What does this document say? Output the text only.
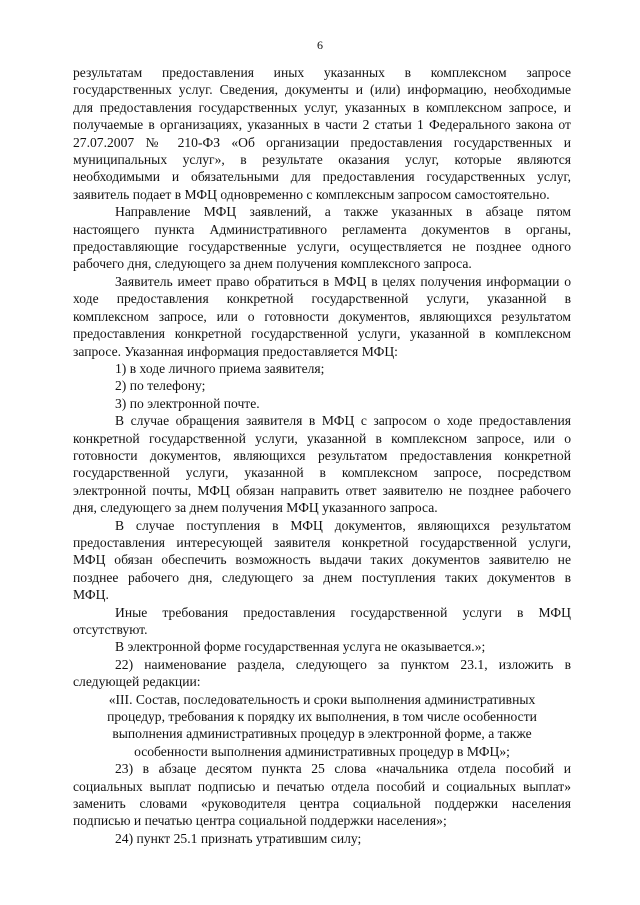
6
результатам предоставления иных указанных в комплексном запросе
государственных услуг. Сведения, документы и (или) информацию, необходимые
для предоставления государственных услуг, указанных в комплексном запросе, и
получаемые в организациях, указанных в части 2 статьи 1 Федерального закона от
27.07.2007 № 210-ФЗ «Об организации предоставления государственных и
муниципальных услуг», в результате оказания услуг, которые являются
необходимыми и обязательными для предоставления государственных услуг,
заявитель подает в МФЦ одновременно с комплексным запросом самостоятельно.
Направление МФЦ заявлений, а также указанных в абзаце пятом
настоящего пункта Административного регламента документов в органы,
предоставляющие государственные услуги, осуществляется не позднее одного
рабочего дня, следующего за днем получения комплексного запроса.
Заявитель имеет право обратиться в МФЦ в целях получения информации о
ходе предоставления конкретной государственной услуги, указанной в
комплексном запросе, или о готовности документов, являющихся результатом
предоставления конкретной государственной услуги, указанной в комплексном
запросе. Указанная информация предоставляется МФЦ:
1) в ходе личного приема заявителя;
2) по телефону;
3) по электронной почте.
В случае обращения заявителя в МФЦ с запросом о ходе предоставления
конкретной государственной услуги, указанной в комплексном запросе, или о
готовности документов, являющихся результатом предоставления конкретной
государственной услуги, указанной в комплексном запросе, посредством
электронной почты, МФЦ обязан направить ответ заявителю не позднее рабочего
дня, следующего за днем получения МФЦ указанного запроса.
В случае поступления в МФЦ документов, являющихся результатом
предоставления интересующей заявителя конкретной государственной услуги,
МФЦ обязан обеспечить возможность выдачи таких документов заявителю не
позднее рабочего дня, следующего за днем поступления таких документов в
МФЦ.
Иные требования предоставления государственной услуги в МФЦ
отсутствуют.
В электронной форме государственная услуга не оказывается.»;
22) наименование раздела, следующего за пунктом 23.1, изложить в
следующей редакции:
«III. Состав, последовательность и сроки выполнения административных
процедур, требования к порядку их выполнения, в том числе особенности
выполнения административных процедур в электронной форме, а также
особенности выполнения административных процедур в МФЦ»;
23) в абзаце десятом пункта 25 слова «начальника отдела пособий и
социальных выплат подписью и печатью отдела пособий и социальных выплат»
заменить словами «руководителя центра социальной поддержки населения
подписью и печатью центра социальной поддержки населения»;
24) пункт 25.1 признать утратившим силу;
